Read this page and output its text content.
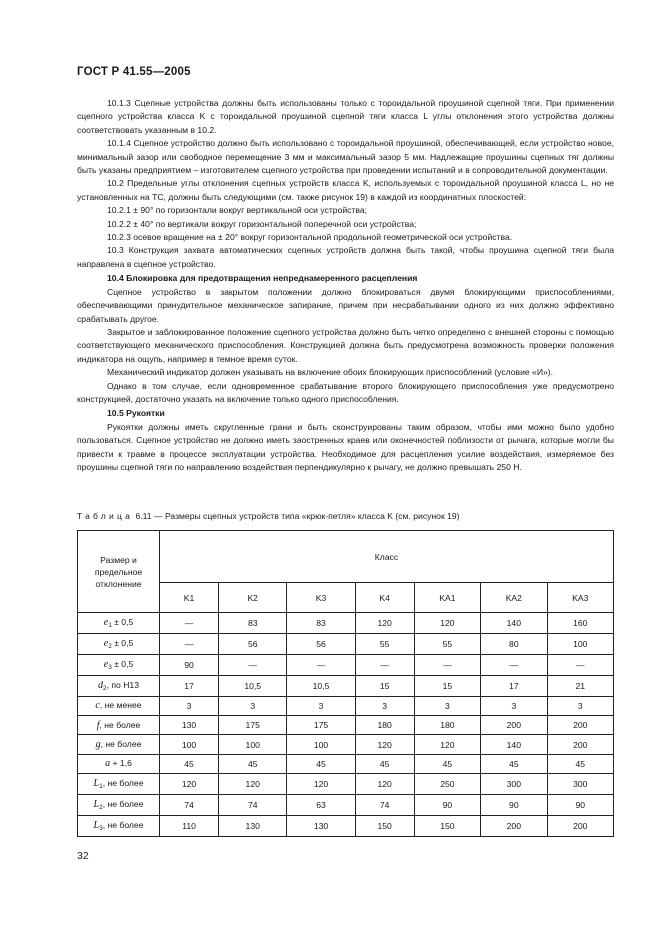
ГОСТ Р 41.55—2005

10.1.3 Сцепные устройства должны быть использованы только с тороидальной проушиной сцепной тяги. При применении сцепного устройства класса K с тороидальной проушиной сцепной тяги класса L углы отклонения этого устройства должны соответствовать указанным в 10.2.

10.1.4 Сцепное устройство должно быть использовано с тороидальной проушиной, обеспечивающей, если устройство новое, минимальный зазор или свободное перемещение 3 мм и максимальный зазор 5 мм. Надлежащие проушины сцепных тяг должны быть указаны предприятием – изготовителем сцепного устройства при проведении испытаний и в сопроводительной документации.

10.2 Предельные углы отклонения сцепных устройств класса K, используемых с тороидальной проушиной класса L, но не установленных на ТС, должны быть следующими (см. также рисунок 19) в каждой из координатных плоскостей:

10.2.1 ± 90° по горизонтали вокруг вертикальной оси устройства;

10.2.2 ± 40° по вертикали вокруг горизонтальной поперечной оси устройства;

10.2.3 осевое вращение на ± 20° вокруг горизонтальной продольной геометрической оси устройства.

10.3 Конструкция захвата автоматических сцепных устройств должна быть такой, чтобы проушина сцепной тяги была направлена в сцепное устройство.

10.4 Блокировка для предотвращения непреднамеренного расцепления

Сцепное устройство в закрытом положении должно блокироваться двумя блокирующими приспособлениями, обеспечивающими принудительное механическое запирание, причем при несрабатывании одного из них должно эффективно срабатывать другое.

Закрытое и заблокированное положение сцепного устройства должно быть четко определено с внешней стороны с помощью соответствующего механического приспособления. Конструкцией должна быть предусмотрена возможность проверки положения индикатора на ощупь, например в темное время суток.

Механический индикатор должен указывать на включение обоих блокирующих приспособлений (условие «И»).

Однако в том случае, если одновременное срабатывание второго блокирующего приспособления уже предусмотрено конструкцией, достаточно указать на включение только одного приспособления.

10.5 Рукоятки

Рукоятки должны иметь скругленные грани и быть сконструированы таким образом, чтобы ими можно было удобно пользоваться. Сцепное устройство не должно иметь заостренных краев или оконечностей поблизости от рычага, которые могли бы привести к травме в процессе эксплуатации устройства. Необходимое для расцепления усилие воздействия, измеряемое без проушины сцепной тяги по направлению воздействия перпендикулярно к рычагу, не должно превышать 250 Н.

Таблица 6.11 — Размеры сцепных устройств типа «крюк-петля» класса K (см. рисунок 19)
Размер и предельное отклонение	Класс						
	K1	K2	K3	K4	KA1	KA2	KA3
$e_1 \pm 0,5$	—	83	83	120	120	140	160
$e_2 \pm 0,5$	—	56	56	55	55	80	100
$e_3 \pm 0,5$	90	—	—	—	—	—	—
$d_2$, по H13	17	10,5	10,5	15	15	17	21
c, не менее	3	3	3	3	3	3	3
f, не более	130	175	175	180	180	200	200
g, не более	100	100	100	120	120	140	200
a + 1,6	45	45	45	45	45	45	45
$L_1$, не более	120	120	120	120	250	300	300
$L_2$, не более	74	74	63	74	90	90	90
$L_3$, не более	110	130	130	150	150	200	200
32
